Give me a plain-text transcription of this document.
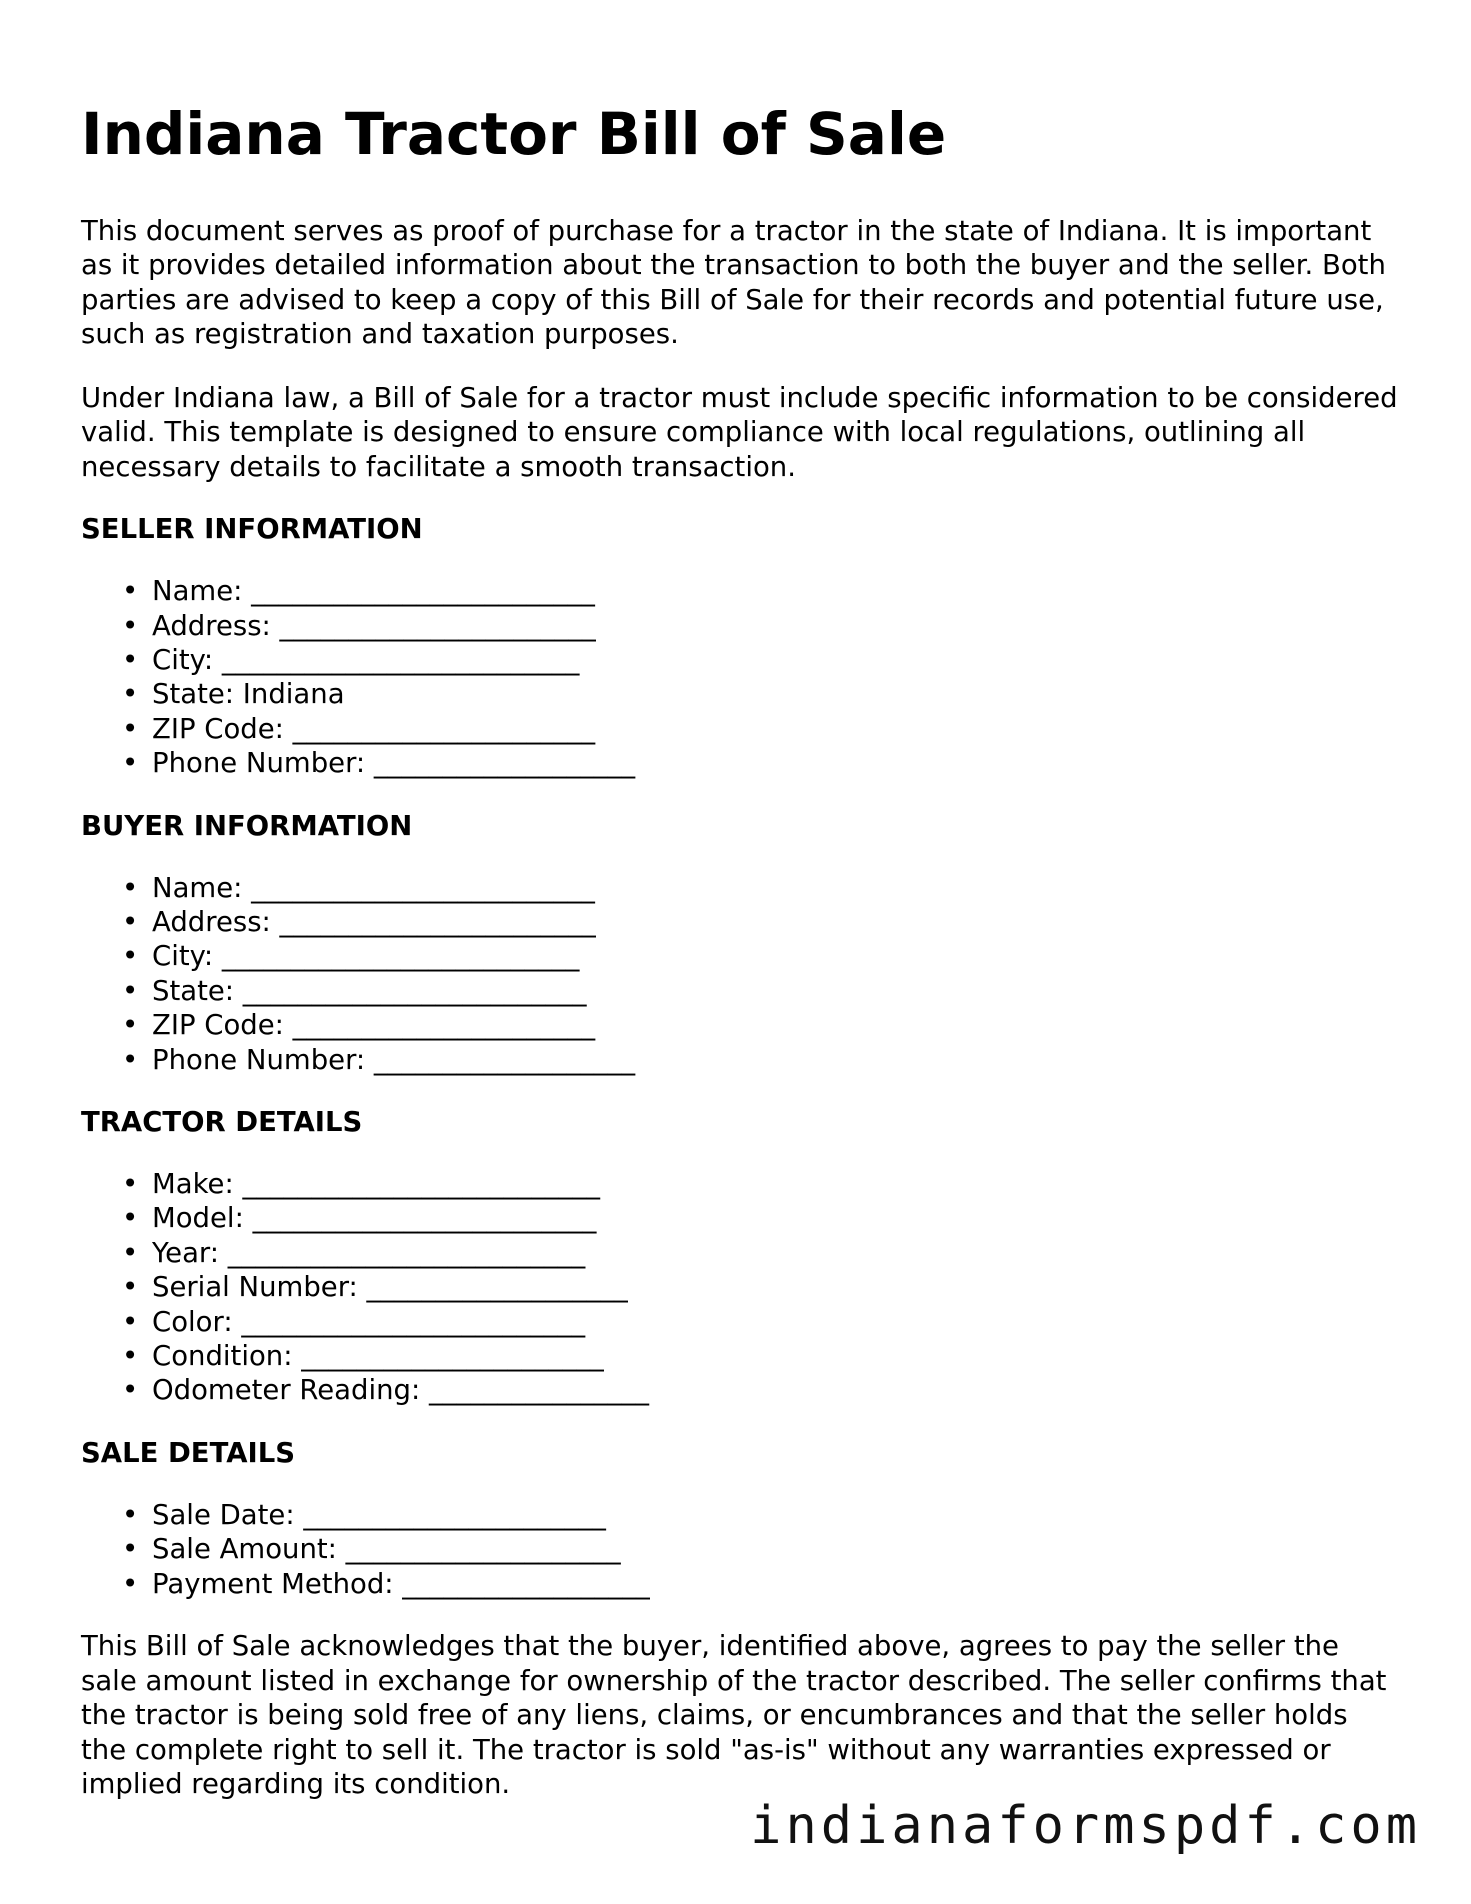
Indiana Tractor Bill of Sale

This document serves as proof of purchase for a tractor in the state of Indiana. It is important as it provides detailed information about the transaction to both the buyer and the seller. Both parties are advised to keep a copy of this Bill of Sale for their records and potential future use, such as registration and taxation purposes.

Under Indiana law, a Bill of Sale for a tractor must include specific information to be considered valid. This template is designed to ensure compliance with local regulations, outlining all necessary details to facilitate a smooth transaction.

SELLER INFORMATION
• Name: _________________________
• Address: _______________________
• City: __________________________
• State: Indiana
• ZIP Code: ______________________
• Phone Number: ___________________
BUYER INFORMATION
• Name: _________________________
• Address: _______________________
• City: __________________________
• State: _________________________
• ZIP Code: ______________________
• Phone Number: ___________________
TRACTOR DETAILS
• Make: __________________________
• Model: _________________________
• Year: __________________________
• Serial Number: ___________________
• Color: _________________________
• Condition: ______________________
• Odometer Reading: ________________
SALE DETAILS
• Sale Date: ______________________
• Sale Amount: ____________________
• Payment Method: __________________

This Bill of Sale acknowledges that the buyer, identified above, agrees to pay the seller the sale amount listed in exchange for ownership of the tractor described. The seller confirms that the tractor is being sold free of any liens, claims, or encumbrances and that the seller holds the complete right to sell it. The tractor is sold "as-is" without any warranties expressed or implied regarding its condition.

indianaformspdf.com
